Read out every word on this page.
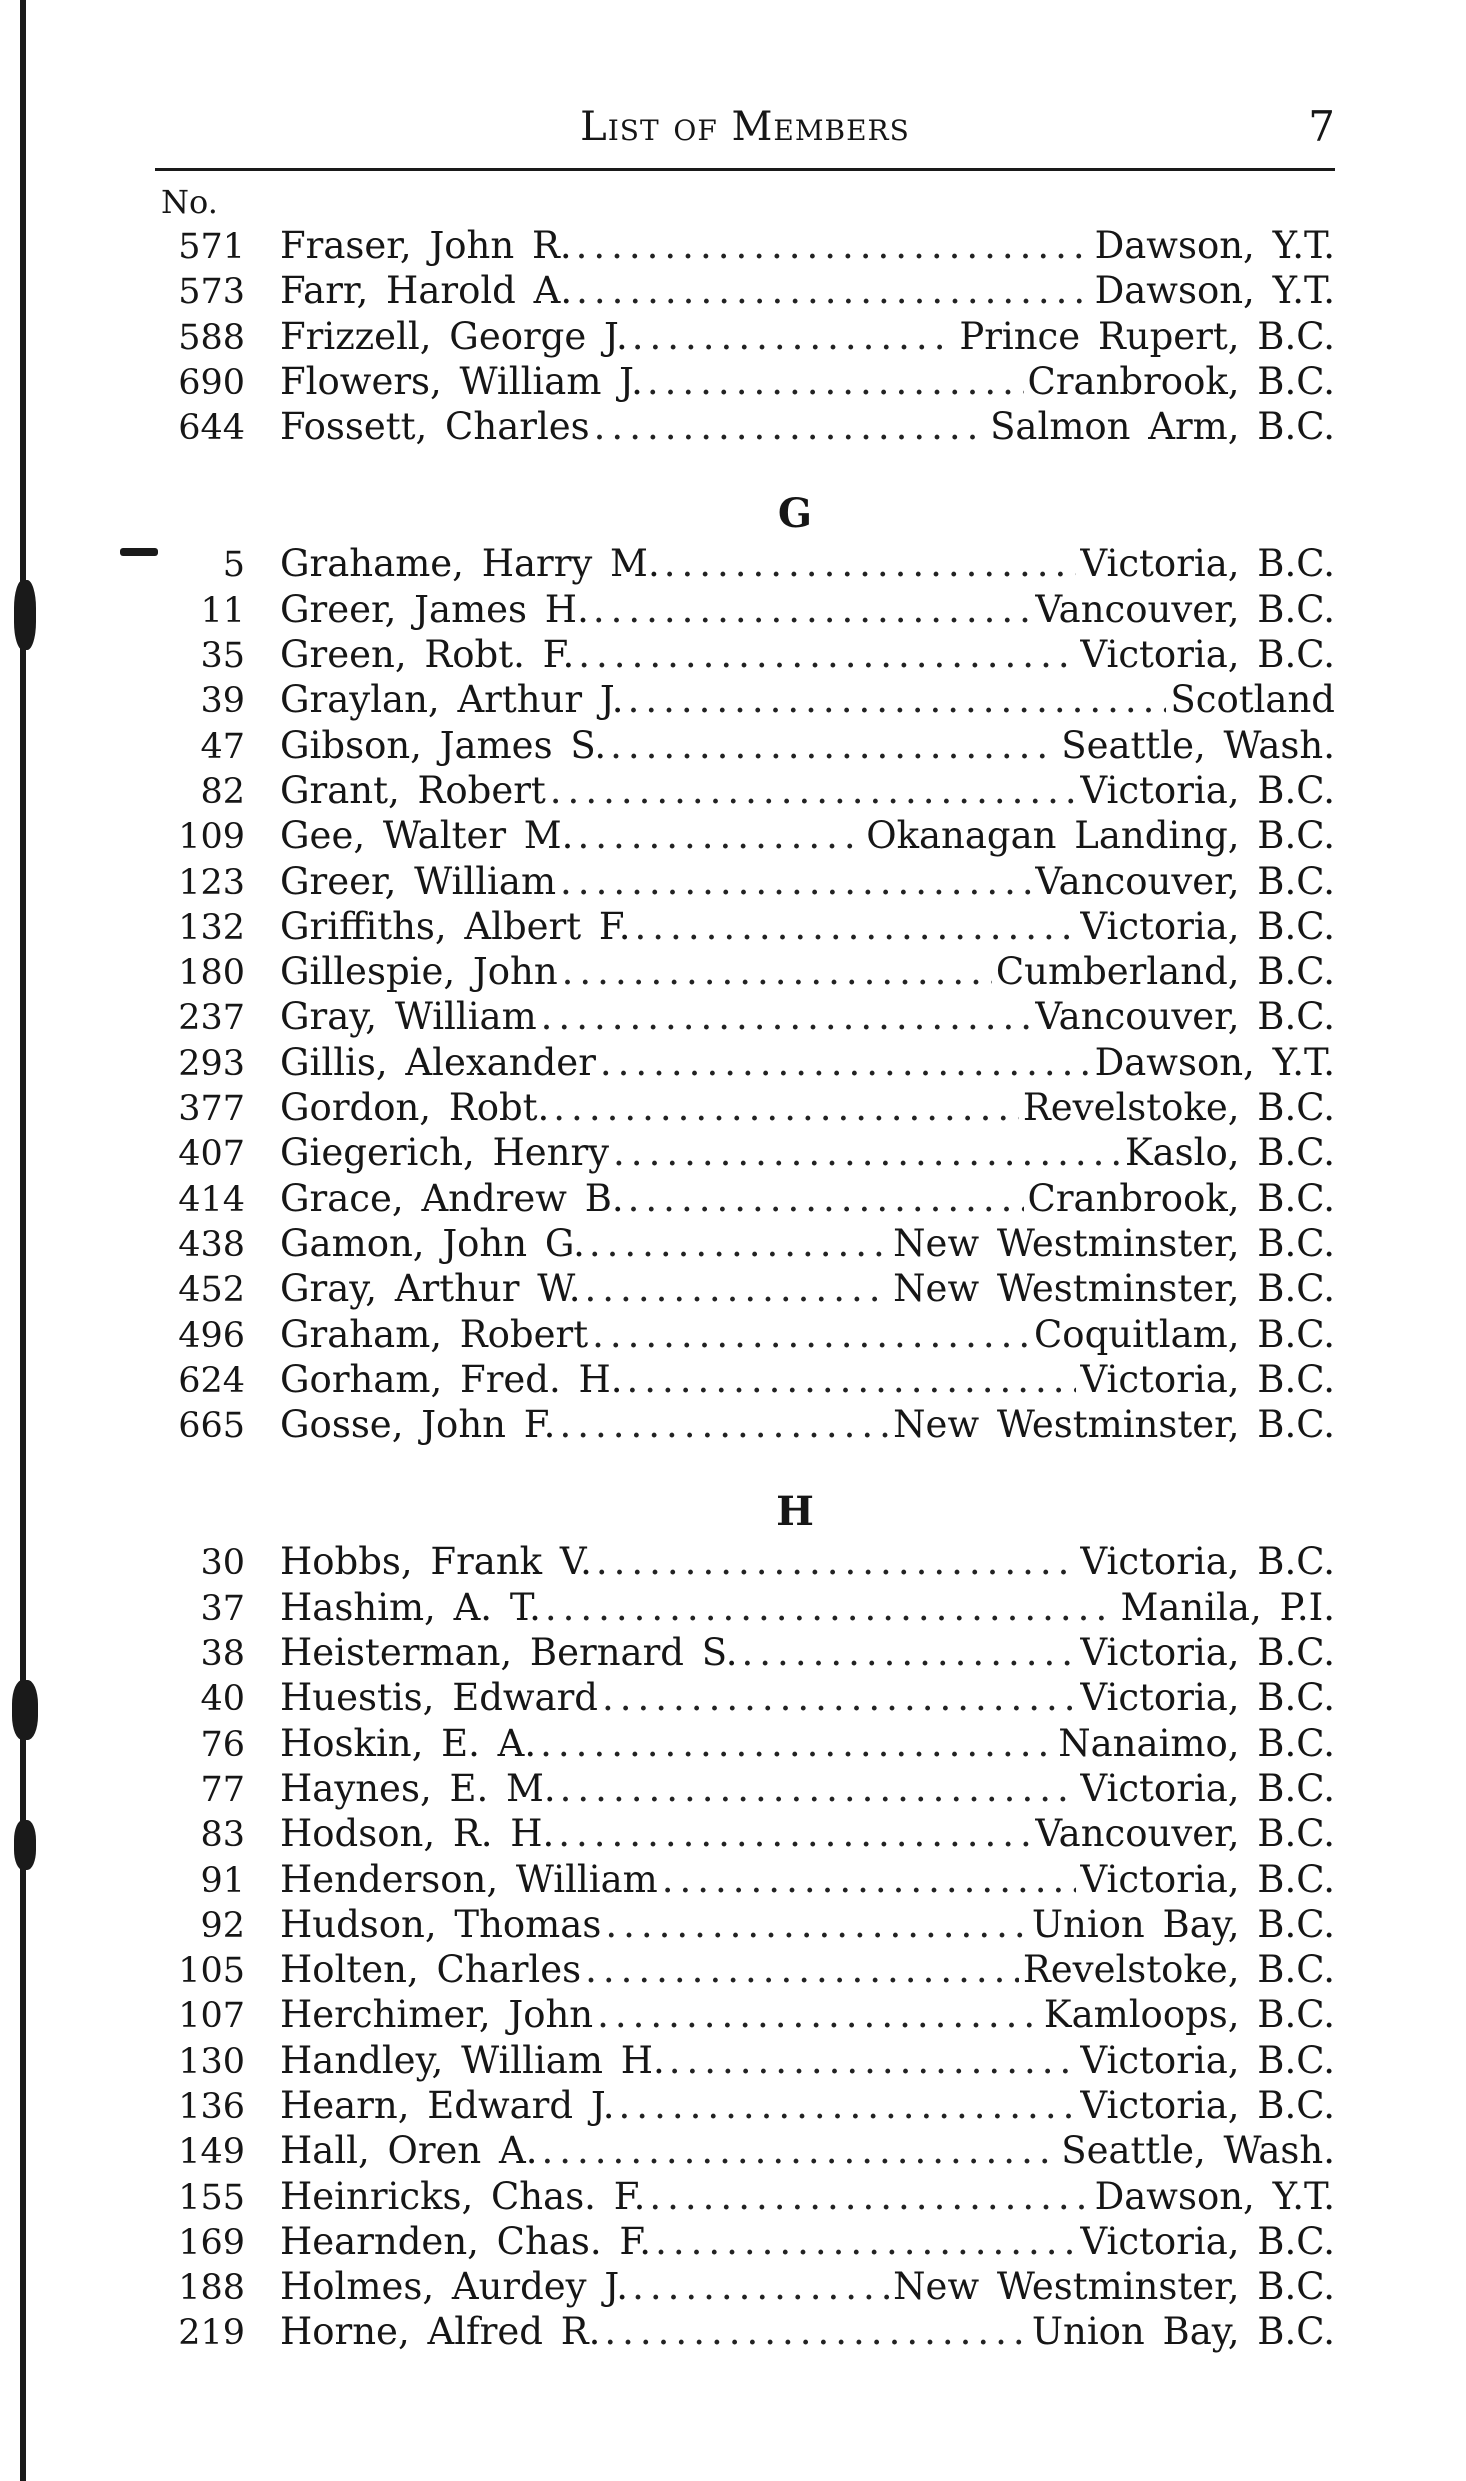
List of Members	7
No.
571 Fraser, John R. .....	Dawson, Y.T.
573 Farr, Harold A. .....	Dawson, Y.T.
588 Frizzell, George J. .....	Prince Rupert, B.C.
690 Flowers, William J. .....	Cranbrook, B.C.
644 Fossett, Charles .....	Salmon Arm, B.C.
G
5 Grahame, Harry M. .....	Victoria, B.C.
11 Greer, James H. .....	Vancouver, B.C.
35 Green, Robt. F. .....	Victoria, B.C.
39 Graylan, Arthur J. .....	Scotland
47 Gibson, James S. .....	Seattle, Wash.
82 Grant, Robert .....	Victoria, B.C.
109 Gee, Walter M. .....	Okanagan Landing, B.C.
123 Greer, William .....	Vancouver, B.C.
132 Griffiths, Albert F. .....	Victoria, B.C.
180 Gillespie, John .....	Cumberland, B.C.
237 Gray, William .....	Vancouver, B.C.
293 Gillis, Alexander .....	Dawson, Y.T.
377 Gordon, Robt. .....	Revelstoke, B.C.
407 Giegerich, Henry .....	Kaslo, B.C.
414 Grace, Andrew B. .....	Cranbrook, B.C.
438 Gamon, John G. .....	New Westminster, B.C.
452 Gray, Arthur W. .....	New Westminster, B.C.
496 Graham, Robert .....	Coquitlam, B.C.
624 Gorham, Fred. H. .....	Victoria, B.C.
665 Gosse, John F. .....	New Westminster, B.C.
H
30 Hobbs, Frank V. .....	Victoria, B.C.
37 Hashim, A. T. .....	Manila, P.I.
38 Heisterman, Bernard S. .....	Victoria, B.C.
40 Huestis, Edward .....	Victoria, B.C.
76 Hoskin, E. A. .....	Nanaimo, B.C.
77 Haynes, E. M. .....	Victoria, B.C.
83 Hodson, R. H. .....	Vancouver, B.C.
91 Henderson, William .....	Victoria, B.C.
92 Hudson, Thomas .....	Union Bay, B.C.
105 Holten, Charles .....	Revelstoke, B.C.
107 Herchimer, John .....	Kamloops, B.C.
130 Handley, William H. .....	Victoria, B.C.
136 Hearn, Edward J. .....	Victoria, B.C.
149 Hall, Oren A. .....	Seattle, Wash.
155 Heinricks, Chas. F. .....	Dawson, Y.T.
169 Hearnden, Chas. F. .....	Victoria, B.C.
188 Holmes, Aurdey J. .....	New Westminster, B.C.
219 Horne, Alfred R. .....	Union Bay, B.C.
